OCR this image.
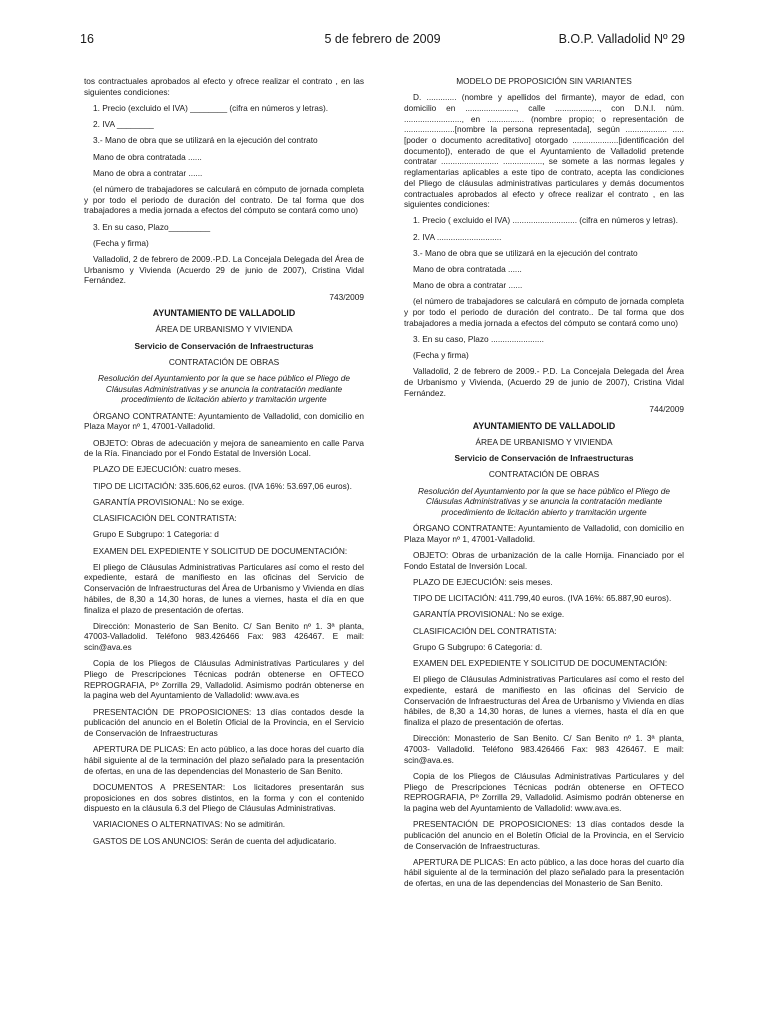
16	5 de febrero de 2009	B.O.P. Valladolid Nº 29

tos contractuales aprobados al efecto y ofrece realizar el contrato , en las siguientes condiciones:

1. Precio (excluido el IVA) ________ (cifra en números y letras).

2. IVA ________

3.- Mano de obra que se utilizará en la ejecución del contrato

Mano de obra contratada ......

Mano de obra a contratar ......

(el número de trabajadores se calculará en cómputo de jornada completa y por todo el periodo de duración del contrato. De tal forma que dos trabajadores a media jornada a efectos del cómputo se contará como uno)

3. En su caso, Plazo_________

(Fecha y firma)

Valladolid, 2 de febrero de 2009.-P.D. La Concejala Delegada del Área de Urbanismo y Vivienda (Acuerdo 29 de junio de 2007), Cristina Vidal Fernández.

743/2009

AYUNTAMIENTO DE VALLADOLID

ÁREA DE URBANISMO Y VIVIENDA

Servicio de Conservación de Infraestructuras

CONTRATACIÓN DE OBRAS

Resolución del Ayuntamiento por la que se hace público el Pliego de Cláusulas Administrativas y se anuncia la contratación mediante procedimiento de licitación abierto y tramitación urgente

ÓRGANO CONTRATANTE: Ayuntamiento de Valladolid, con domicilio en Plaza Mayor nº 1, 47001-Valladolid.

OBJETO: Obras de adecuación y mejora de saneamiento en calle Parva de la Ría. Financiado por el Fondo Estatal de Inversión Local.

PLAZO DE EJECUCIÓN: cuatro meses.

TIPO DE LICITACIÓN: 335.606,62 euros. (IVA 16%: 53.697,06 euros).

GARANTÍA PROVISIONAL: No se exige.

CLASIFICACIÓN DEL CONTRATISTA:

Grupo E Subgrupo: 1 Categoria: d

EXAMEN DEL EXPEDIENTE Y SOLICITUD DE DOCUMENTACIÓN:

El pliego de Cláusulas Administrativas Particulares así como el resto del expediente, estará de manifiesto en las oficinas del Servicio de Conservación de Infraestructuras del Área de Urbanismo y Vivienda en días hábiles, de 8,30 a 14,30 horas, de lunes a viernes, hasta el día en que finaliza el plazo de presentación de ofertas.

Dirección: Monasterio de San Benito. C/ San Benito nº 1. 3ª planta, 47003-Valladolid. Teléfono 983.426466 Fax: 983 426467. E mail: scin@ava.es

Copia de los Pliegos de Cláusulas Administrativas Particulares y del Pliego de Prescripciones Técnicas podrán obtenerse en OFTECO REPROGRAFIA, Pº Zorrilla 29, Valladolid. Asimismo podrán obtenerse en la pagina web del Ayuntamiento de Valladolid: www.ava.es

PRESENTACIÓN DE PROPOSICIONES: 13 días contados desde la publicación del anuncio en el Boletín Oficial de la Provincia, en el Servicio de Conservación de Infraestructuras

APERTURA DE PLICAS: En acto público, a las doce horas del cuarto día hábil siguiente al de la terminación del plazo señalado para la presentación de ofertas, en una de las dependencias del Monasterio de San Benito.

DOCUMENTOS A PRESENTAR: Los licitadores presentarán sus proposiciones en dos sobres distintos, en la forma y con el contenido dispuesto en la cláusula 6.3 del Pliego de Cláusulas Administrativas.

VARIACIONES O ALTERNATIVAS: No se admitirán.

GASTOS DE LOS ANUNCIOS: Serán de cuenta del adjudicatario.

MODELO DE PROPOSICIÓN SIN VARIANTES

D. ............. (nombre y apellidos del firmante), mayor de edad, con domicilio en ......................, calle ..................., con D.N.I. núm. ........................., en ................ (nombre propio; o representación de ......................[nombre la persona representada], según .................. .....[poder o documento acreditativo] otorgado ....................[identificación del documento]), enterado de que el Ayuntamiento de Valladolid pretende contratar ......................... ................., se somete a las normas legales y reglamentarias aplicables a este tipo de contrato, acepta las condiciones del Pliego de cláusulas administrativas particulares y demás documentos contractuales aprobados al efecto y ofrece realizar el contrato , en las siguientes condiciones:

1. Precio ( excluido el IVA) ............................ (cifra en números y letras).

2. IVA ............................

3.- Mano de obra que se utilizará en la ejecución del contrato

Mano de obra contratada ......

Mano de obra a contratar ......

(el número de trabajadores se calculará en cómputo de jornada completa y por todo el periodo de duración del contrato.. De tal forma que dos trabajadores a media jornada a efectos del cómputo se contará como uno)

3. En su caso, Plazo .......................

(Fecha y firma)

Valladolid, 2 de febrero de 2009.- P.D. La Concejala Delegada del Área de Urbanismo y Vivienda, (Acuerdo 29 de junio de 2007), Cristina Vidal Fernández.

744/2009

AYUNTAMIENTO DE VALLADOLID

ÁREA DE URBANISMO Y VIVIENDA

Servicio de Conservación de Infraestructuras

CONTRATACIÓN DE OBRAS

Resolución del Ayuntamiento por la que se hace público el Pliego de Cláusulas Administrativas y se anuncia la contratación mediante procedimiento de licitación abierto y tramitación urgente

ÓRGANO CONTRATANTE: Ayuntamiento de Valladolid, con domicilio en Plaza Mayor nº 1, 47001-Valladolid.

OBJETO: Obras de urbanización de la calle Hornija. Financiado por el Fondo Estatal de Inversión Local.

PLAZO DE EJECUCIÓN: seis meses.

TIPO DE LICITACIÓN: 411.799,40 euros. (IVA 16%: 65.887,90 euros).

GARANTÍA PROVISIONAL: No se exige.

CLASIFICACIÓN DEL CONTRATISTA:

Grupo G Subgrupo: 6 Categoria: d.

EXAMEN DEL EXPEDIENTE Y SOLICITUD DE DOCUMENTACIÓN:

El pliego de Cláusulas Administrativas Particulares así como el resto del expediente, estará de manifiesto en las oficinas del Servicio de Conservación de Infraestructuras del Área de Urbanismo y Vivienda en días hábiles, de 8,30 a 14,30 horas, de lunes a viernes, hasta el día en que finaliza el plazo de presentación de ofertas.

Dirección: Monasterio de San Benito. C/ San Benito nº 1. 3ª planta, 47003- Valladolid. Teléfono 983.426466 Fax: 983 426467. E mail: scin@ava.es.

Copia de los Pliegos de Cláusulas Administrativas Particulares y del Pliego de Prescripciones Técnicas podrán obtenerse en OFTECO REPROGRAFIA, Pº Zorrilla 29, Valladolid. Asimismo podrán obtenerse en la pagina web del Ayuntamiento de Valladolid: www.ava.es.

PRESENTACIÓN DE PROPOSICIONES: 13 días contados desde la publicación del anuncio en el Boletín Oficial de la Provincia, en el Servicio de Conservación de Infraestructuras.

APERTURA DE PLICAS: En acto público, a las doce horas del cuarto día hábil siguiente al de la terminación del plazo señalado para la presentación de ofertas, en una de las dependencias del Monasterio de San Benito.
